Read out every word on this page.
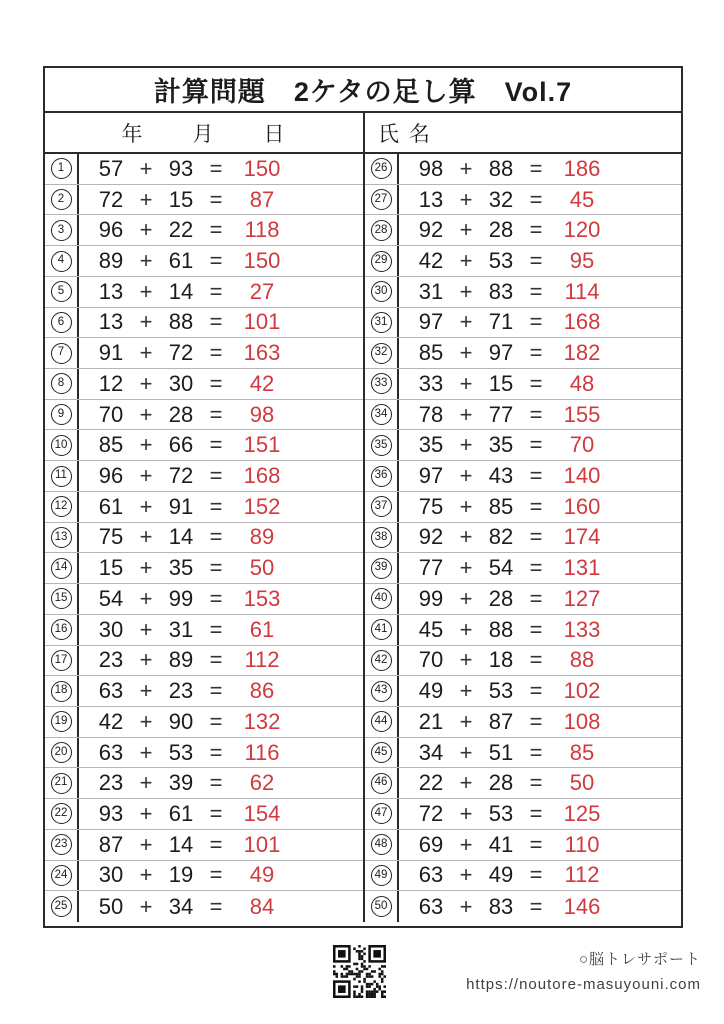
計算問題　2ケタの足し算　Vol.7
年 月 日	氏 名
1 57 + 93 = 150
2 72 + 15 =	87
3 96 + 22 =	118
4 89 + 61 = 150
5 13 + 14 =	27
6 13 + 88 = 101
7 91 + 72 = 163
8 12 + 30 =	42
9 70 + 28 =	98
10 85 + 66 = 151
11 96 + 72 = 168
12 61 + 91 = 152
13 75 + 14 =	89
14 15 + 35 =	50
15 54 + 99 = 153
16 30 + 31 =	61
17 23 + 89 =	112
18 63 + 23 =	86
19 42 + 90 = 132
20 63 + 53 =	116
21 23 + 39 =	62
22 93 + 61 = 154
23 87 + 14 = 101
24 30 + 19 =	49
25 50 + 34 =	84
26 98 + 88 = 186
27 13 + 32 =	45
28 92 + 28 = 120
29 42 + 53 =	95
30 31 + 83 =	114
31 97 + 71 = 168
32 85 + 97 = 182
33 33 + 15 =	48
34 78 + 77 = 155
35 35 + 35 =	70
36 97 + 43 = 140
37 75 + 85 = 160
38 92 + 82 = 174
39 77 + 54 = 131
40 99 + 28 = 127
41 45 + 88 = 133
42 70 + 18 =	88
43 49 + 53 = 102
44 21 + 87 = 108
45 34 + 51 =	85
46 22 + 28 =	50
47 72 + 53 = 125
48 69 + 41 =	110
49 63 + 49 =	112
50 63 + 83 = 146
○脳トレサポート
https://noutore-masuyouni.com
